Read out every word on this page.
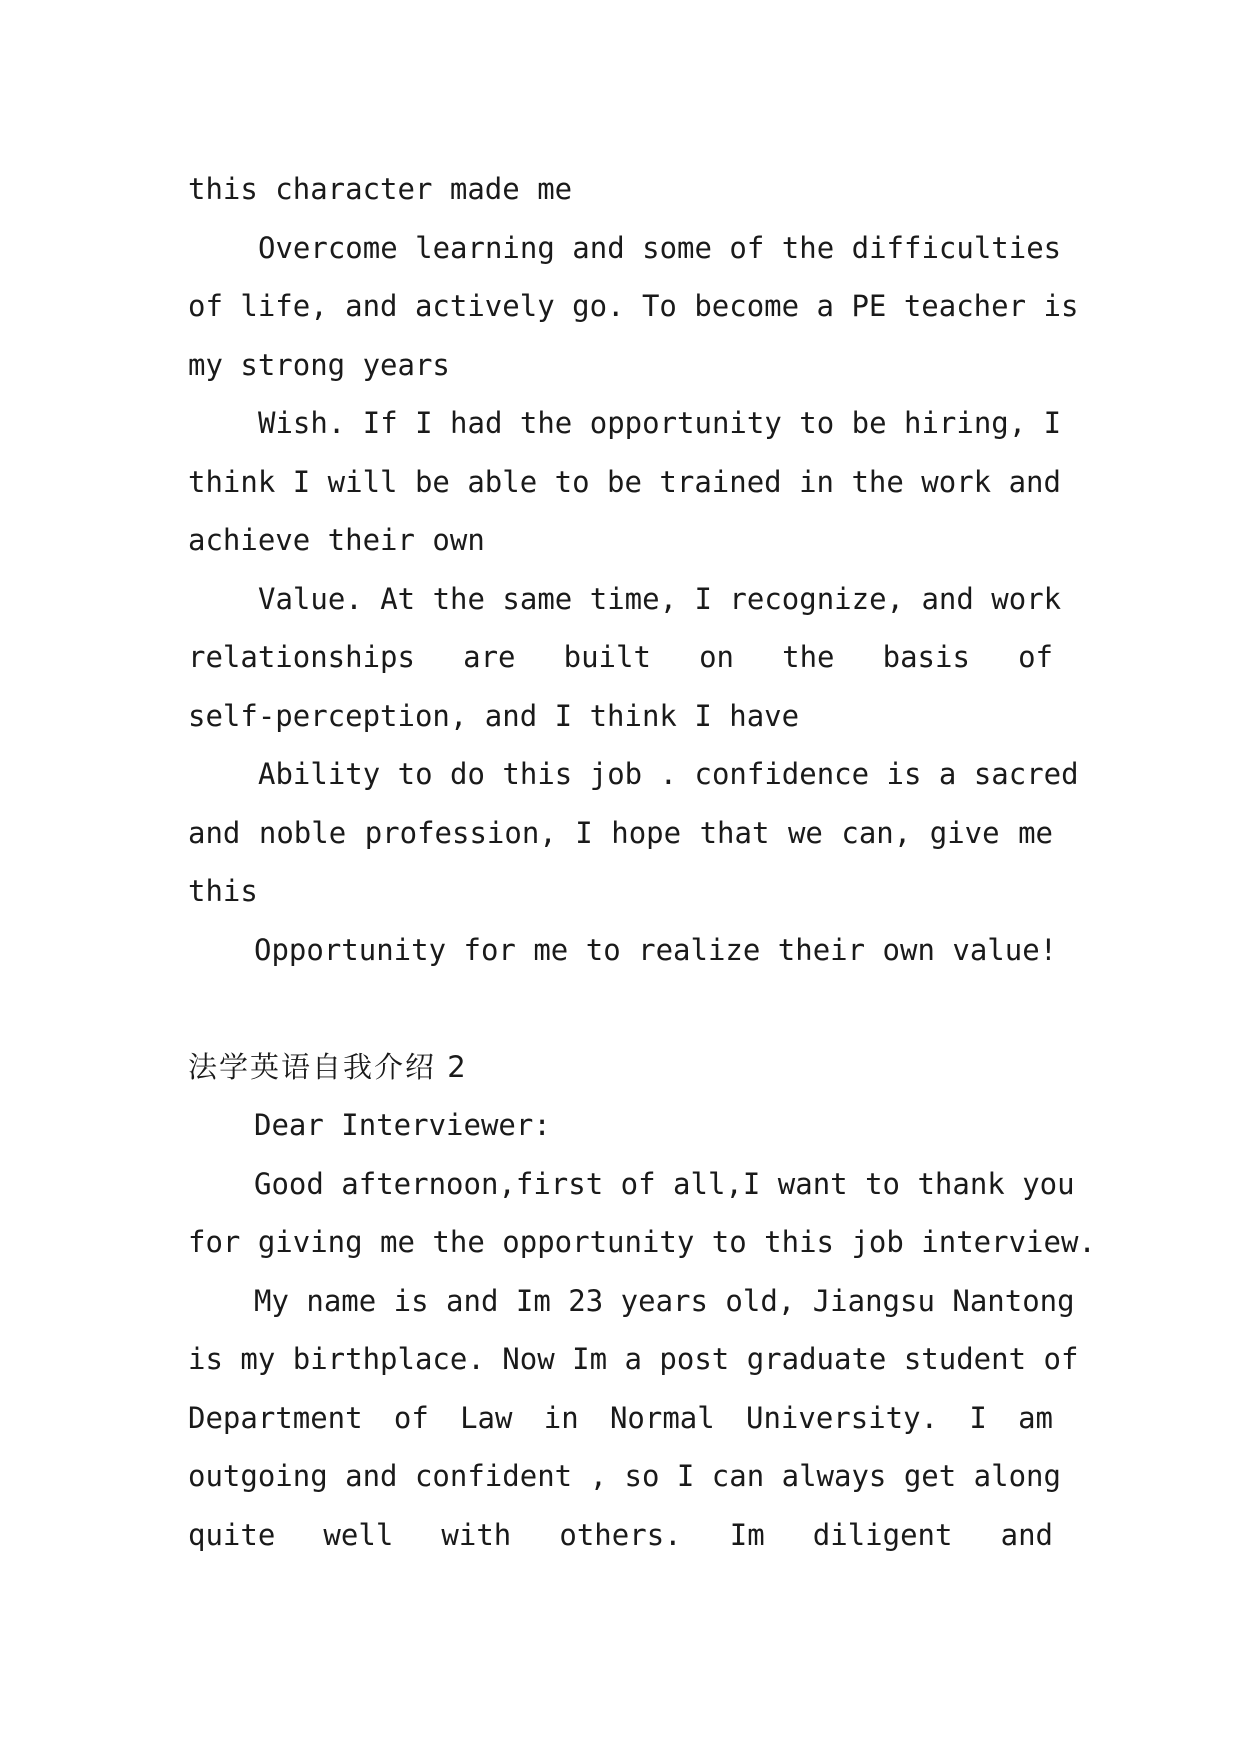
this character made me
Overcome learning and some of the difficulties
of life, and actively go. To become a PE teacher is
my strong years
Wish. If I had the opportunity to be hiring, I
think I will be able to be trained in the work and
achieve their own
Value. At the same time, I recognize, and work
relationships are built on the basis of
self-perception, and I think I have
Ability to do this job . confidence is a sacred
and noble profession, I hope that we can, give me
this
Opportunity for me to realize their own value!
法学英语自我介绍 2
Dear Interviewer:
Good afternoon,first of all,I want to thank you
for giving me the opportunity to this job interview.
My name is and Im 23 years old, Jiangsu Nantong
is my birthplace. Now Im a post graduate student of
Department of Law in Normal University. I am
outgoing and confident , so I can always get along
quite well with others. Im diligent and
